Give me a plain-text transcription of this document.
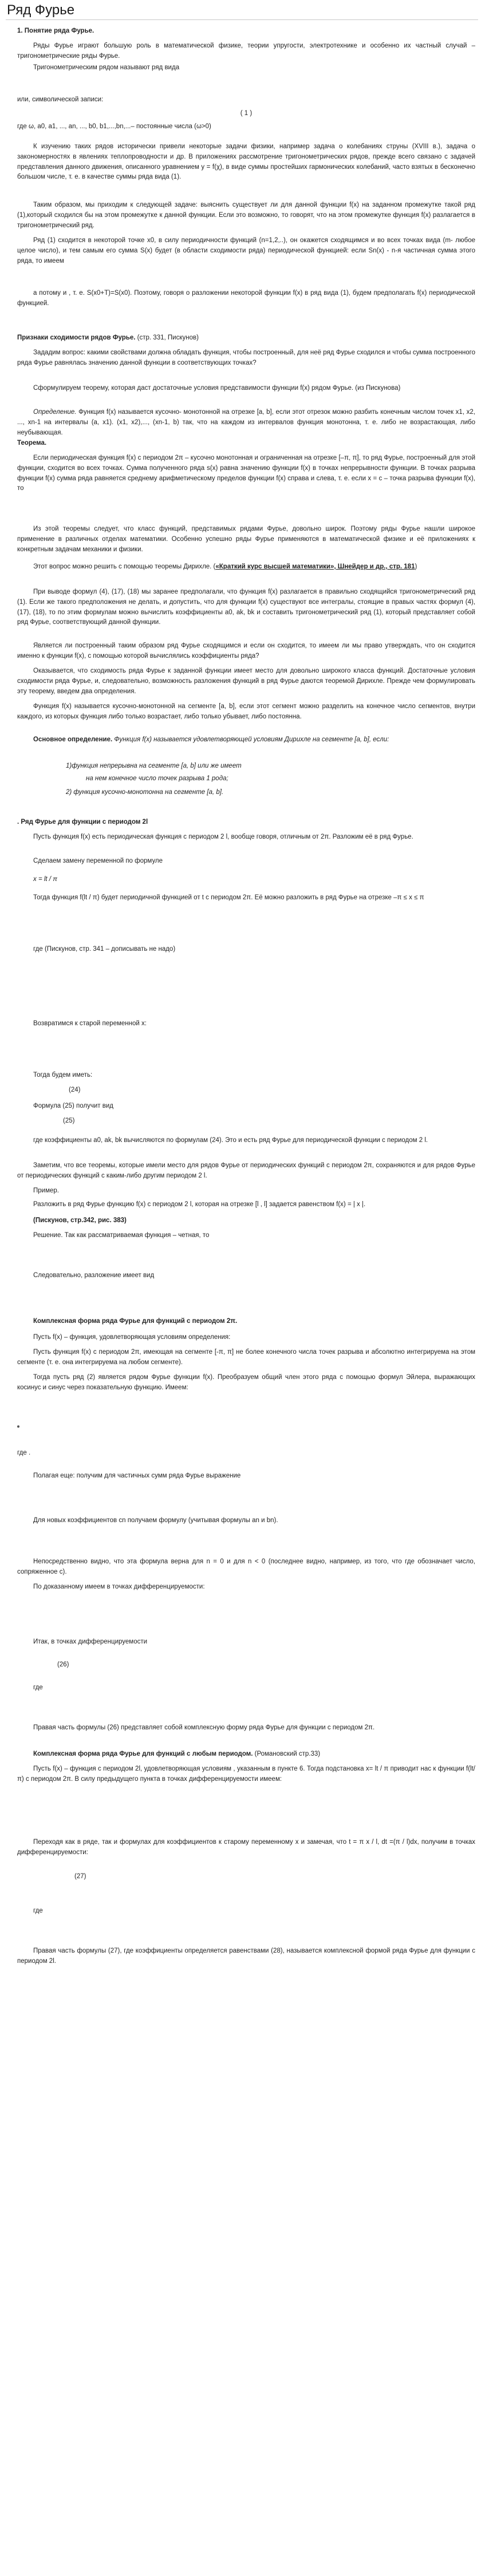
Ряд Фурье

1. Понятие ряда Фурье.

Ряды Фурье играют большую роль в математической физике, теории упругости, электротехнике и особенно их частный случай – тригонометрические ряды Фурье.

Тригонометрическим рядом называют ряд вида

или, символической записи:

( 1 )

где ω, а0, а1, ..., аn, ..., b0, b1,...,bn,...– постоянные числа (ω>0)

К изучению таких рядов исторически привели некоторые задачи физики, например задача о колебаниях струны (XVIII в.), задача о закономерностях в явлениях теплопроводности и др. В приложениях рассмотрение тригонометрических рядов, прежде всего связано с задачей представления данного движения, описанного уравнением у = f(χ), в виде суммы простейших гармонических колебаний, часто взятых в бесконечно большом числе, т. е. в качестве суммы ряда вида (1).

Таким образом, мы приходим к следующей задаче: выяснить существует ли для данной функции f(x) на заданном промежутке такой ряд (1),который сходился бы на этом промежутке к данной функции. Если это возможно, то говорят, что на этом промежутке функция f(x) разлагается в тригонометрический ряд.

Ряд (1) сходится в некоторой точке х0, в силу периодичности функций (n=1,2,..), он окажется сходящимся и во всех точках вида (m- любое целое число), и тем самым его сумма S(x) будет (в области сходимости ряда) периодической функцией: если Sn(x) - n-я частичная сумма этого ряда, то имеем

а потому и , т. е. S(x0+T)=S(x0). Поэтому, говоря о разложении некоторой функции f(x) в ряд вида (1), будем предполагать f(x) периодической функцией.

Признаки сходимости рядов Фурье. (стр. 331, Пискунов)

Зададим вопрос: какими свойствами должна обладать функция, чтобы построенный, для неё ряд Фурье сходился и чтобы сумма построенного ряда Фурье равнялась значению данной функции в соответствующих точках?

Сформулируем теорему, которая даст достаточные условия представимости функции f(x) рядом Фурье. (из Пискунова)

Определение. Функция f(x) называется кусочно- монотонной на отрезке [a, b], если этот отрезок можно разбить конечным числом точек x1, x2, ..., xn-1 на интервалы (a, x1). (x1, x2),..., (xn-1, b) так, что на каждом из интервалов функция монотонна, т. е. либо не возрастающая, либо неубывающая.

Теорема.

Если периодическая функция f(x) с периодом 2π – кусочно монотонная и ограниченная на отрезке [–π, π], то ряд Фурье, построенный для этой функции, сходится во всех точках. Сумма полученного ряда s(x) равна значению функции f(x) в точках непрерывности функции. В точках разрыва функции f(x) сумма ряда равняется среднему арифметическому пределов функции f(x) справа и слева, т. е. если x = c – точка разрыва функции f(x), то

Из этой теоремы следует, что класс функций, представимых рядами Фурье, довольно широк. Поэтому ряды Фурье нашли широкое применение в различных отделах математики. Особенно успешно ряды Фурье применяются в математической физике и её приложениях к конкретным задачам механики и физики.

Этот вопрос можно решить с помощью теоремы Дирихле. («Краткий курс высшей математики», Шнейдер и др., стр. 181)

При выводе формул (4), (17), (18) мы заранее предполагали, что функция f(x) разлагается в правильно сходящийся тригонометрический ряд (1). Если же такого предположения не делать, и допустить, что для функции f(x) существуют все интегралы, стоящие в правых частях формул (4), (17), (18), то по этим формулам можно вычислить коэффициенты а0, аk, bk и составить тригонометрический ряд (1), который представляет собой ряд Фурье, соответствующий данной функции.

Является ли построенный таким образом ряд Фурье сходящимся и если он сходится, то имеем ли мы право утверждать, что он сходится именно к функции f(x), с помощью которой вычислялись коэффициенты ряда?

Оказывается, что сходимость ряда Фурье к заданной функции имеет место для довольно широкого класса функций. Достаточные условия сходимости ряда Фурье, и, следовательно, возможность разложения функций в ряд Фурье даются теоремой Дирихле. Прежде чем формулировать эту теорему, введем два определения.

Функция f(x) называется кусочно-монотонной на сегменте [a, b], если этот сегмент можно разделить на конечное число сегментов, внутри каждого, из которых функция либо только возрастает, либо только убывает, либо постоянна.

Основное определение. Функция f(x) называется удовлетворяющей условиям Дирихле на сегменте [a, b], если:

1)функция непрерывна на сегменте [a, b] или же имеет

на нем конечное число точек разрыва 1 рода;

2) функция кусочно-монотонна на сегменте [a, b].

. Ряд Фурье для функции с периодом 2l

Пусть функция f(x) есть периодическая функция с периодом 2 l, вообще говоря, отличным от 2π. Разложим её в ряд Фурье.

Сделаем замену переменной по формуле

x = lt / π

Тогда функция f(lt / π) будет периодичной функцией от t с периодом 2π. Её можно разложить в ряд Фурье на отрезке –π ≤ x ≤ π

где (Пискунов, стр. 341 – дописывать не надо)

Возвратимся к старой переменной x:

Тогда будем иметь:

(24)

Формула (25) получит вид

(25)

где коэффициенты a0, ak, bk вычисляются по формулам (24). Это и есть ряд Фурье для периодической функции с периодом 2 l.

Заметим, что все теоремы, которые имели место для рядов Фурье от периодических функций с периодом 2π, сохраняются и для рядов Фурье от периодических функций с каким-либо другим периодом 2 l.

Пример.

Разложить в ряд Фурье функцию f(x) с периодом 2 l, которая на отрезке [l , l] задается равенством f(x) = | x |.

(Пискунов, стр.342, рис. 383)

Решение. Так как рассматриваемая функция – четная, то

Следовательно, разложение имеет вид

Комплексная форма ряда Фурье для функций с периодом 2π.

Пусть f(x) – функция, удовлетворяющая условиям определения:

Пусть функция f(x) с периодом 2π, имеющая на сегменте [-π, π] не более конечного числа точек разрыва и абсолютно интегрируема на этом сегменте (т. е. она интегрируема на любом сегменте).

Тогда пусть ряд (2) является рядом Фурье функции f(x). Преобразуем общий член этого ряда с помощью формул Эйлера, выражающих косинус и синус через показательную функцию. Имеем:

где .

Полагая еще: получим для частичных сумм ряда Фурье выражение

Для новых коэффициентов cn получаем формулу (учитывая формулы an и bn).

Непосредственно видно, что эта формула верна для n = 0 и для n < 0 (последнее видно, например, из того, что где обозначает число, сопряженное с).

По доказанному имеем в точках дифференцируемости:

Итак, в точках дифференцируемости

(26)

где

Правая часть формулы (26) представляет собой комплексную форму ряда Фурье для функции с периодом 2π.

Комплексная форма ряда Фурье для функций с любым периодом. (Романовский стр.33)

Пусть f(x) – функция с периодом 2l, удовлетворяющая условиям , указанным в пункте 6. Тогда подстановка x= lt / π приводит нас к функции f(lt/ π) с периодом 2π. В силу предыдущего пункта в точках дифференцируемости имеем:

Переходя как в ряде, так и формулах для коэффициентов к старому переменному x и замечая, что t = π x / l, dt =(π / l)dx, получим в точках дифференцируемости:

(27)

где

Правая часть формулы (27), где коэффициенты определяется равенствами (28), называется комплексной формой ряда Фурье для функции с периодом 2l.
